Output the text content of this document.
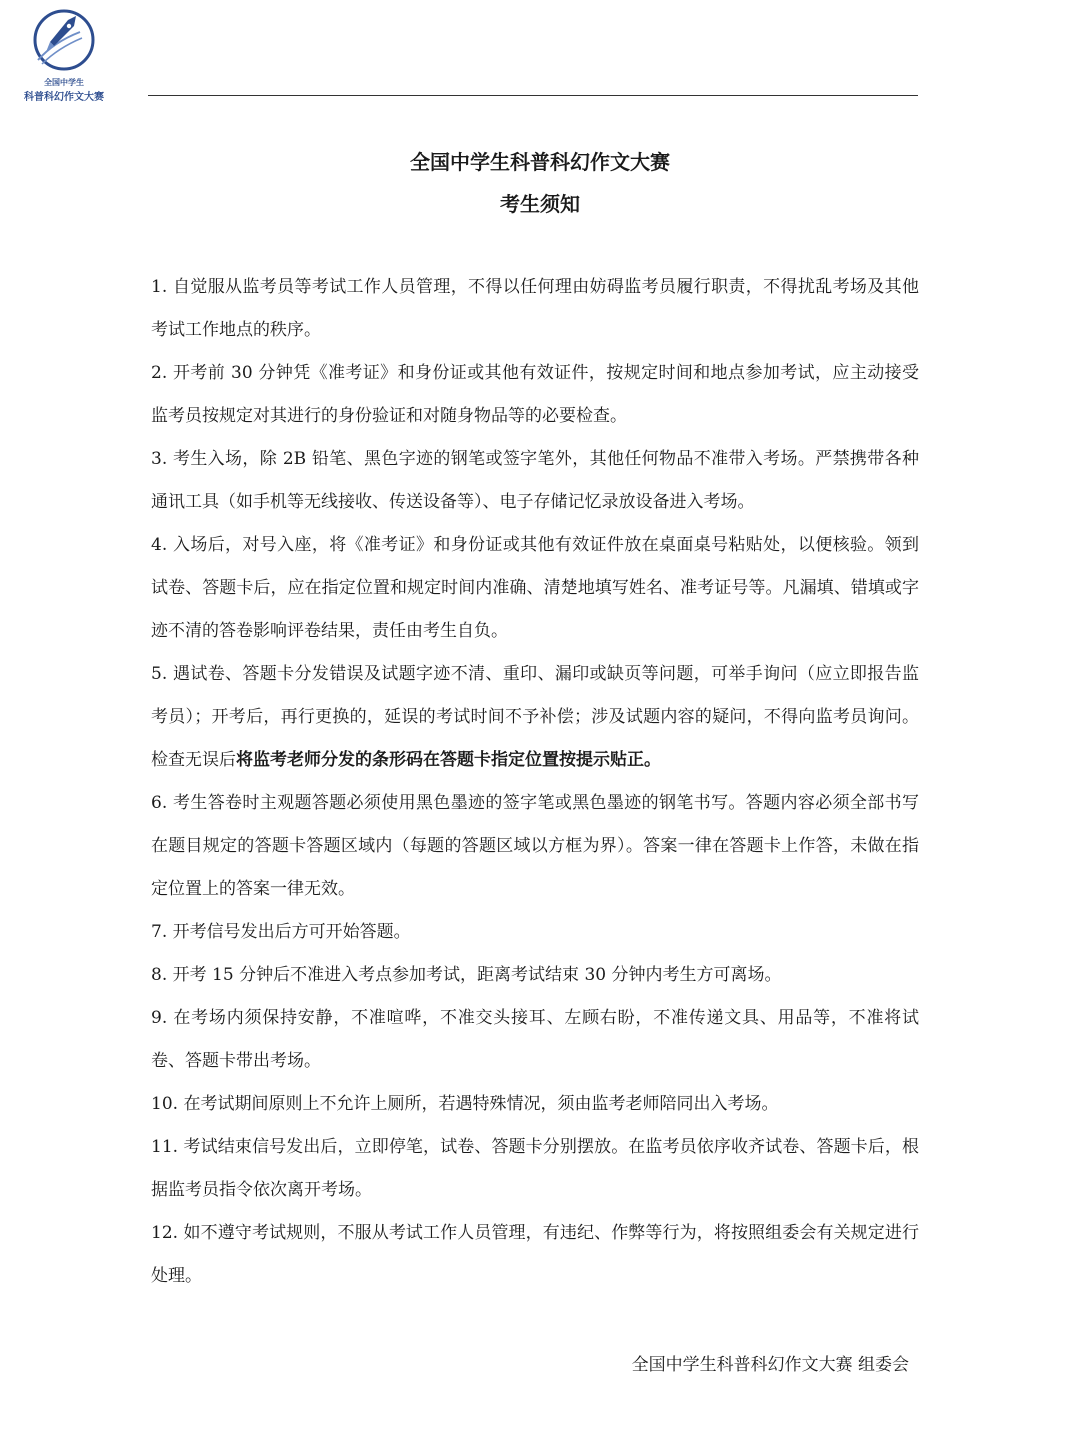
全国中学生
科普科幻作文大赛
全国中学生科普科幻作文大赛
考生须知
1. 自觉服从监考员等考试工作人员管理，不得以任何理由妨碍监考员履行职责，不得扰乱考场及其他考试工作地点的秩序。
2. 开考前 30 分钟凭《准考证》和身份证或其他有效证件，按规定时间和地点参加考试，应主动接受监考员按规定对其进行的身份验证和对随身物品等的必要检查。
3. 考生入场，除 2B 铅笔、黑色字迹的钢笔或签字笔外，其他任何物品不准带入考场。严禁携带各种通讯工具（如手机等无线接收、传送设备等）、电子存储记忆录放设备进入考场。
4. 入场后，对号入座，将《准考证》和身份证或其他有效证件放在桌面桌号粘贴处，以便核验。领到试卷、答题卡后，应在指定位置和规定时间内准确、清楚地填写姓名、准考证号等。凡漏填、错填或字迹不清的答卷影响评卷结果，责任由考生自负。
5. 遇试卷、答题卡分发错误及试题字迹不清、重印、漏印或缺页等问题，可举手询问（应立即报告监考员）；开考后，再行更换的，延误的考试时间不予补偿；涉及试题内容的疑问，不得向监考员询问。检查无误后将监考老师分发的条形码在答题卡指定位置按提示贴正。
6. 考生答卷时主观题答题必须使用黑色墨迹的签字笔或黑色墨迹的钢笔书写。答题内容必须全部书写在题目规定的答题卡答题区域内（每题的答题区域以方框为界）。答案一律在答题卡上作答，未做在指定位置上的答案一律无效。
7. 开考信号发出后方可开始答题。
8. 开考 15 分钟后不准进入考点参加考试，距离考试结束 30 分钟内考生方可离场。
9. 在考场内须保持安静，不准喧哗，不准交头接耳、左顾右盼，不准传递文具、用品等，不准将试卷、答题卡带出考场。
10. 在考试期间原则上不允许上厕所，若遇特殊情况，须由监考老师陪同出入考场。
11. 考试结束信号发出后，立即停笔，试卷、答题卡分别摆放。在监考员依序收齐试卷、答题卡后，根据监考员指令依次离开考场。
12. 如不遵守考试规则，不服从考试工作人员管理，有违纪、作弊等行为，将按照组委会有关规定进行处理。
全国中学生科普科幻作文大赛 组委会
